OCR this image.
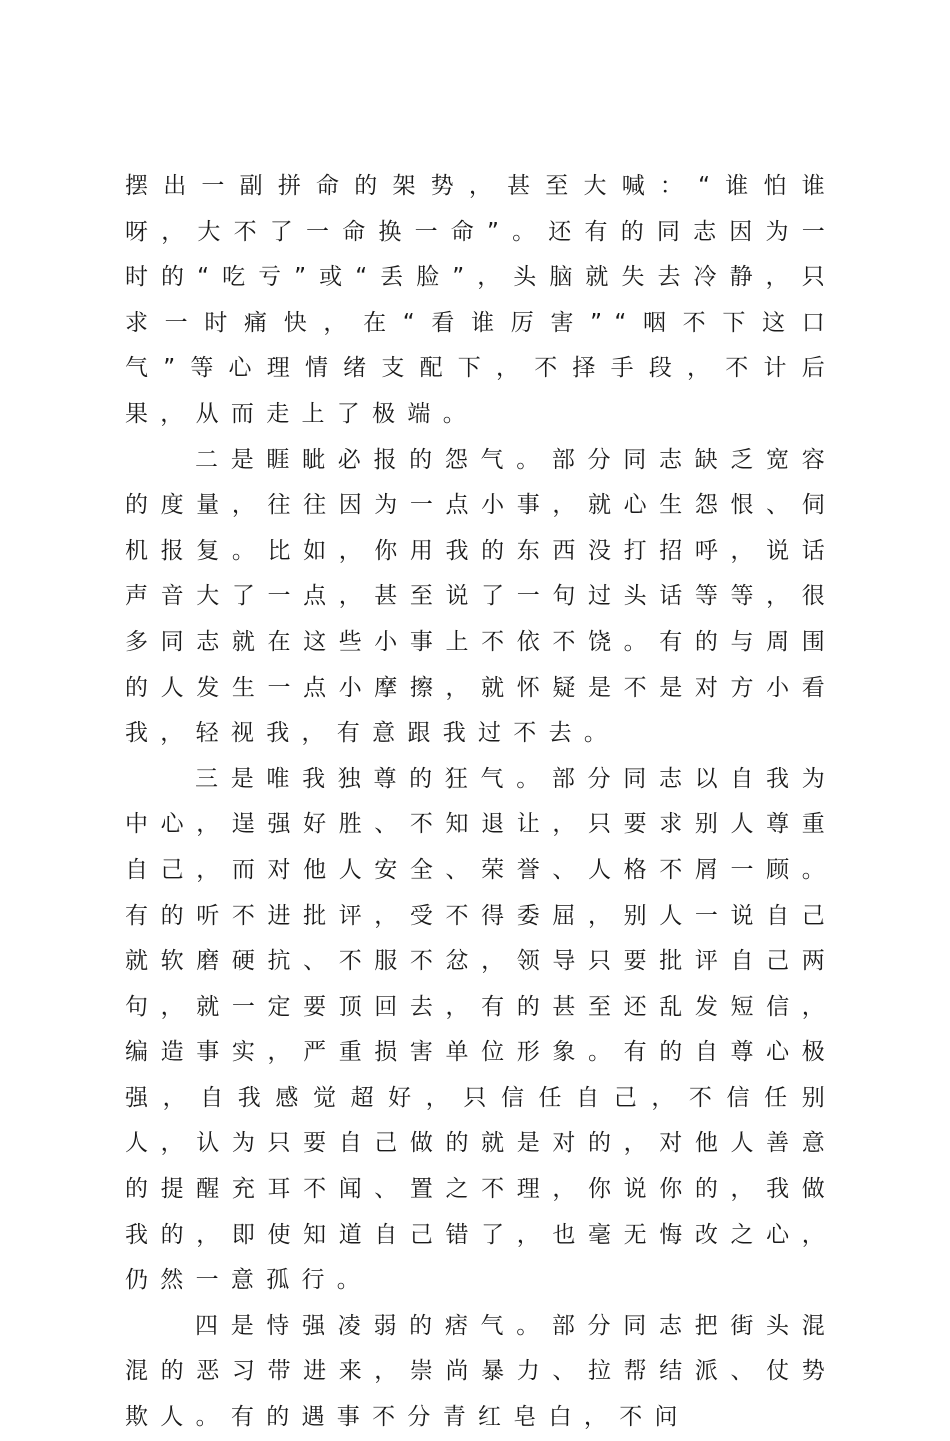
摆出一副拼命的架势，甚至大喊：“谁怕谁呀，大不了一命换一命”。还有的同志因为一时的“吃亏”或“丢脸”，头脑就失去冷静，只求一时痛快，在“看谁厉害”“咽不下这口气”等心理情绪支配下，不择手段，不计后果，从而走上了极端。

二是睚眦必报的怨气。部分同志缺乏宽容的度量，往往因为一点小事，就心生怨恨、伺机报复。比如，你用我的东西没打招呼，说话声音大了一点，甚至说了一句过头话等等，很多同志就在这些小事上不依不饶。有的与周围的人发生一点小摩擦，就怀疑是不是对方小看我，轻视我，有意跟我过不去。

三是唯我独尊的狂气。部分同志以自我为中心，逞强好胜、不知退让，只要求别人尊重自己，而对他人安全、荣誉、人格不屑一顾。有的听不进批评，受不得委屈，别人一说自己就软磨硬抗、不服不忿，领导只要批评自己两句，就一定要顶回去，有的甚至还乱发短信，编造事实，严重损害单位形象。有的自尊心极强，自我感觉超好，只信任自己，不信任别人，认为只要自己做的就是对的，对他人善意的提醒充耳不闻、置之不理，你说你的，我做我的，即使知道自己错了，也毫无悔改之心，仍然一意孤行。

四是恃强凌弱的痞气。部分同志把街头混混的恶习带进来，崇尚暴力、拉帮结派、仗势欺人。有的遇事不分青红皂白，不问
